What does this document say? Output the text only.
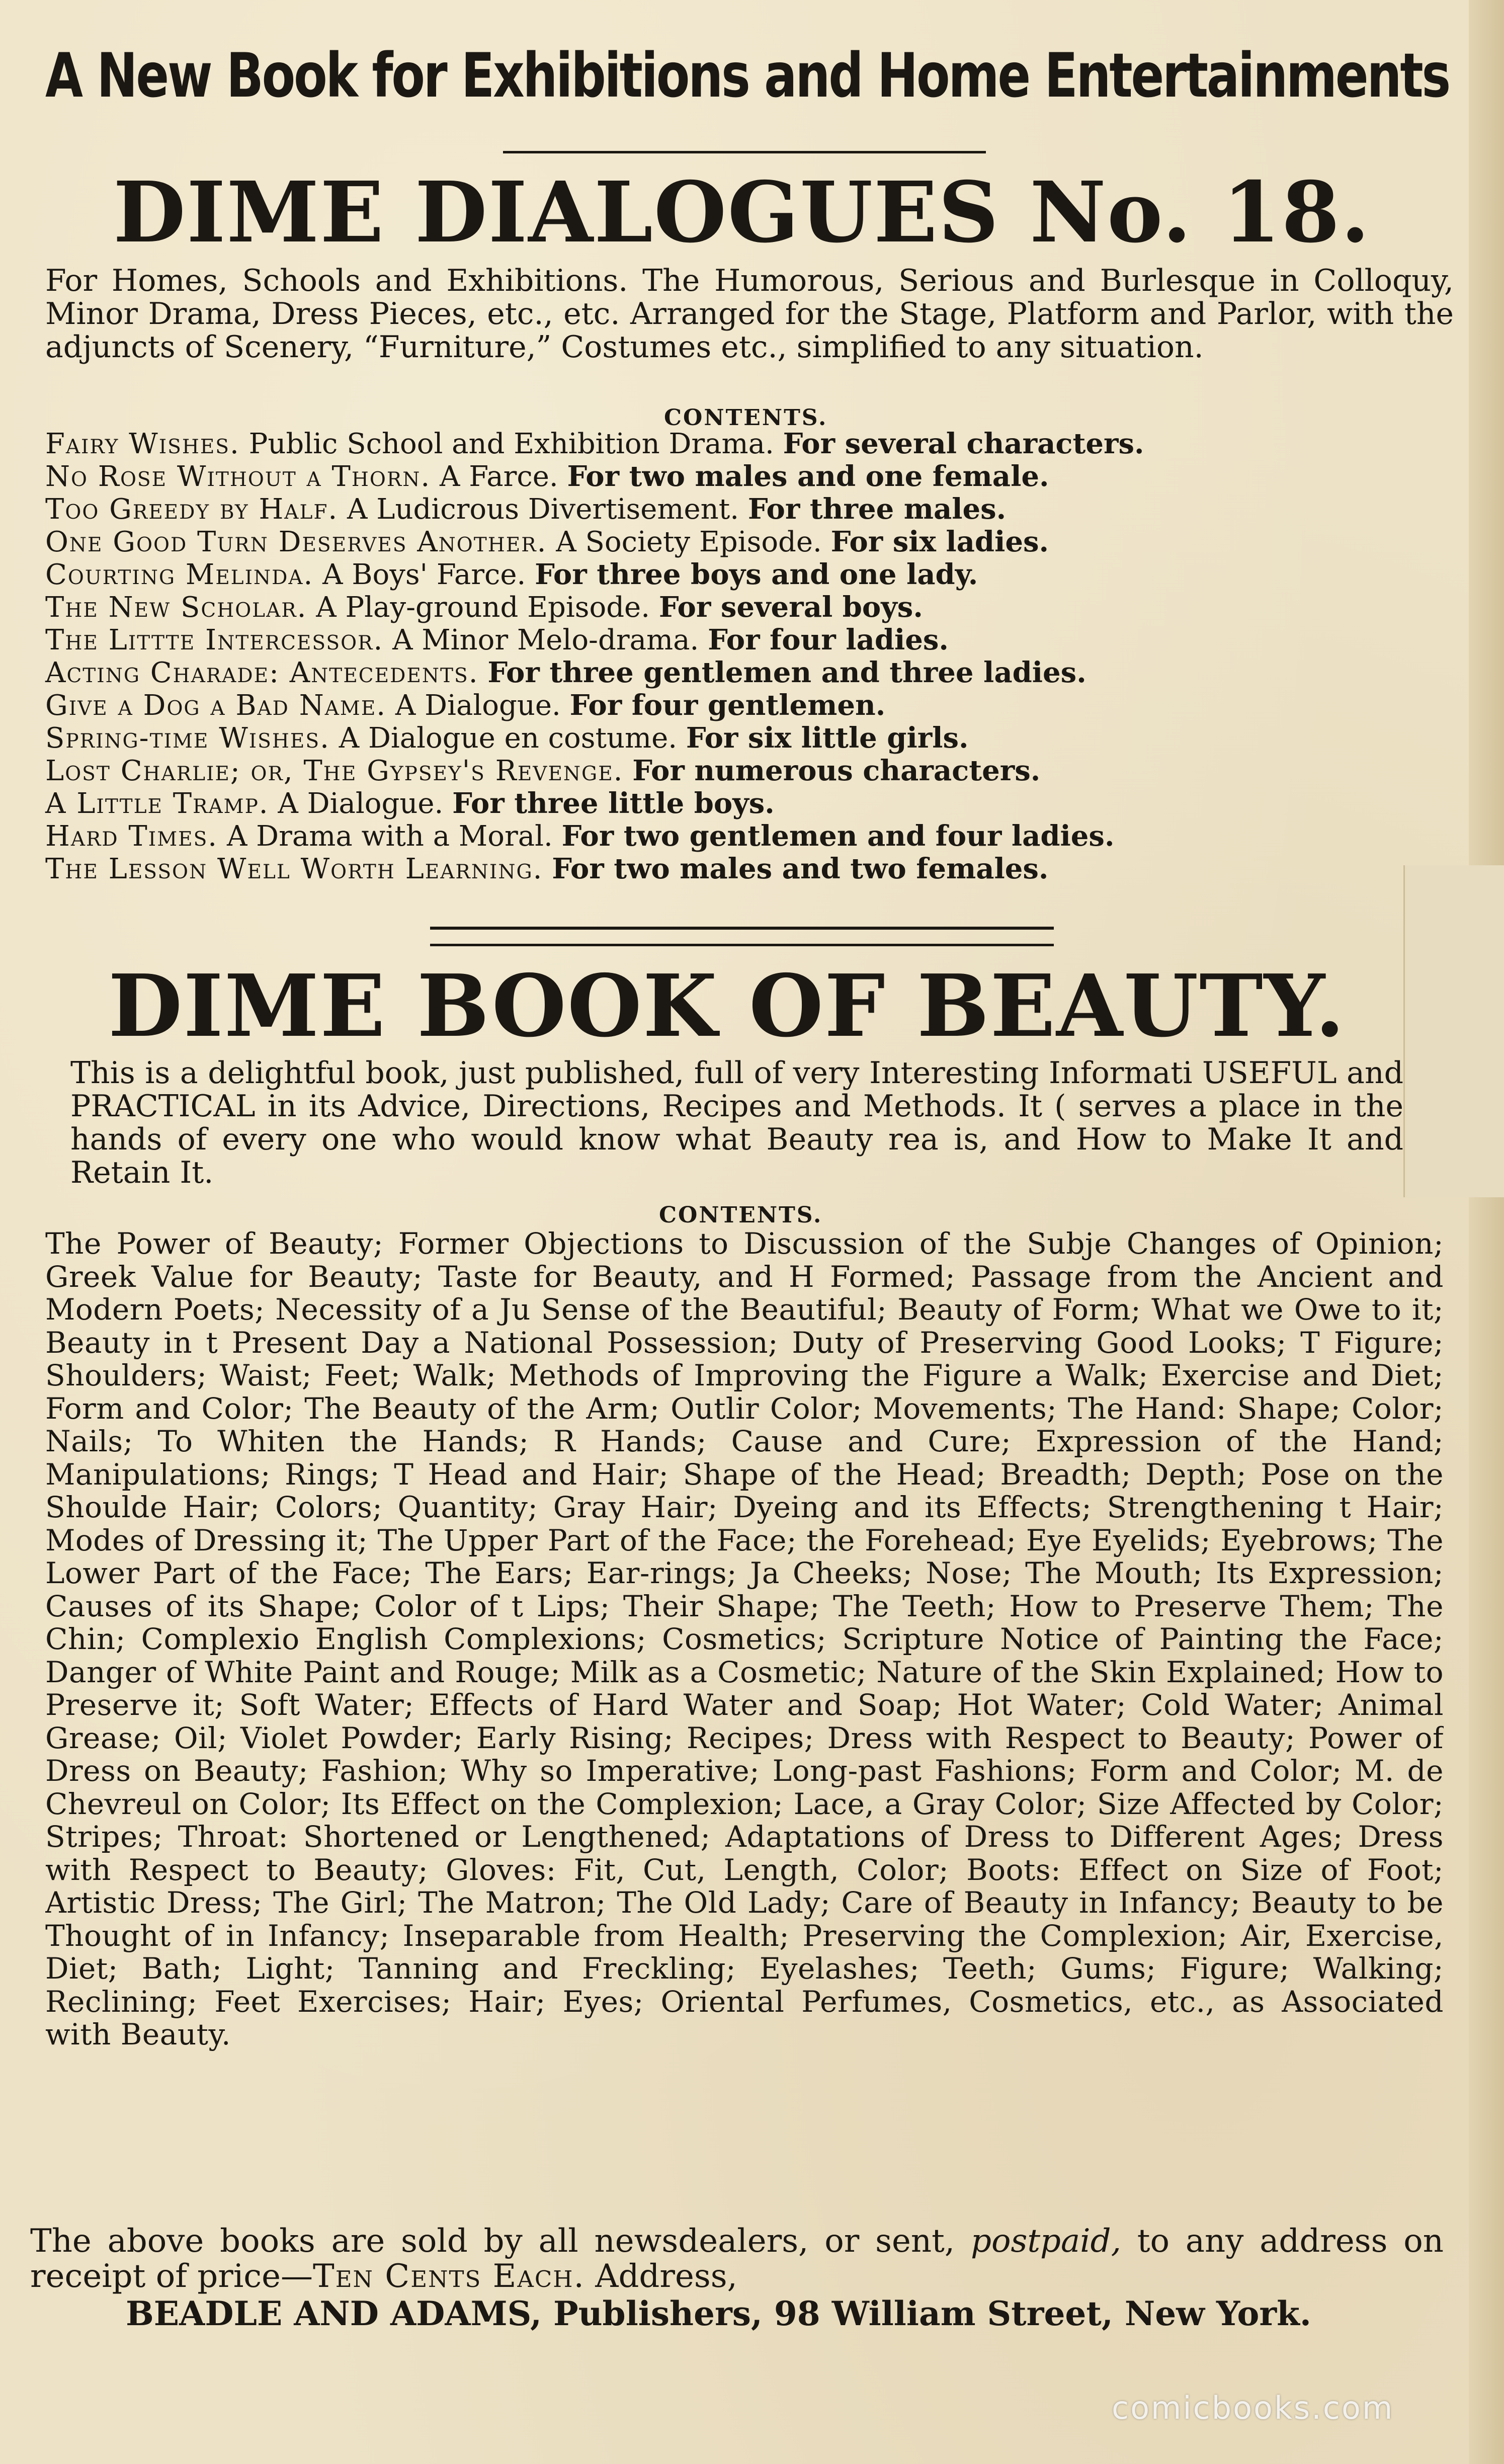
A New Book for Exhibitions and Home Entertainments
DIME DIALOGUES No. 18.
For Homes, Schools and Exhibitions. The Humorous, Serious and Burlesque in Colloquy, Minor Drama, Dress Pieces, etc., etc. Arranged for the Stage, Platform and Parlor, with the adjuncts of Scenery, “Furniture,” Costumes etc., simplified to any situation.
CONTENTS.
Fairy Wishes. Public School and Exhibition Drama. For several characters.
No Rose Without a Thorn. A Farce. For two males and one female.
Too Greedy by Half. A Ludicrous Divertisement. For three males.
One Good Turn Deserves Another. A Society Episode. For six ladies.
Courting Melinda. A Boys' Farce. For three boys and one lady.
The New Scholar. A Play-ground Episode. For several boys.
The Littte Intercessor. A Minor Melo-drama. For four ladies.
Acting Charade: Antecedents. For three gentlemen and three ladies.
Give a Dog a Bad Name. A Dialogue. For four gentlemen.
Spring-time Wishes. A Dialogue en costume. For six little girls.
Lost Charlie; or, The Gypsey's Revenge. For numerous characters.
A Little Tramp. A Dialogue. For three little boys.
Hard Times. A Drama with a Moral. For two gentlemen and four ladies.
The Lesson Well Worth Learning. For two males and two females.
DIME BOOK OF BEAUTY.
This is a delightful book, just published, full of very Interesting Informati USEFUL and PRACTICAL in its Advice, Directions, Recipes and Methods. It ( serves a place in the hands of every one who would know what Beauty rea is, and How to Make It and Retain It.
CONTENTS.
The Power of Beauty; Former Objections to Discussion of the Subje Changes of Opinion; Greek Value for Beauty; Taste for Beauty, and H Formed; Passage from the Ancient and Modern Poets; Necessity of a Ju Sense of the Beautiful; Beauty of Form; What we Owe to it; Beauty in t Present Day a National Possession; Duty of Preserving Good Looks; T Figure; Shoulders; Waist; Feet; Walk; Methods of Improving the Figure a Walk; Exercise and Diet; Form and Color; The Beauty of the Arm; Outlir Color; Movements; The Hand: Shape; Color; Nails; To Whiten the Hands; R Hands; Cause and Cure; Expression of the Hand; Manipulations; Rings; T Head and Hair; Shape of the Head; Breadth; Depth; Pose on the Shoulde Hair; Colors; Quantity; Gray Hair; Dyeing and its Effects; Strengthening t Hair; Modes of Dressing it; The Upper Part of the Face; the Forehead; Eye Eyelids; Eyebrows; The Lower Part of the Face; The Ears; Ear-rings; Ja Cheeks; Nose; The Mouth; Its Expression; Causes of its Shape; Color of t Lips; Their Shape; The Teeth; How to Preserve Them; The Chin; Complexio English Complexions; Cosmetics; Scripture Notice of Painting the Face; Danger of White Paint and Rouge; Milk as a Cosmetic; Nature of the Skin Explained; How to Preserve it; Soft Water; Effects of Hard Water and Soap; Hot Water; Cold Water; Animal Grease; Oil; Violet Powder; Early Rising; Recipes; Dress with Respect to Beauty; Power of Dress on Beauty; Fashion; Why so Imperative; Long-past Fashions; Form and Color; M. de Chevreul on Color; Its Effect on the Complexion; Lace, a Gray Color; Size Affected by Color; Stripes; Throat: Shortened or Lengthened; Adaptations of Dress to Different Ages; Dress with Respect to Beauty; Gloves: Fit, Cut, Length, Color; Boots: Effect on Size of Foot; Artistic Dress; The Girl; The Matron; The Old Lady; Care of Beauty in Infancy; Beauty to be Thought of in Infancy; Inseparable from Health; Preserving the Complexion; Air, Exercise, Diet; Bath; Light; Tanning and Freckling; Eyelashes; Teeth; Gums; Figure; Walking; Reclining; Feet Exercises; Hair; Eyes; Oriental Perfumes, Cosmetics, etc., as Associated with Beauty.
The above books are sold by all newsdealers, or sent, postpaid, to any address on receipt of price—Ten Cents Each. Address,
BEADLE AND ADAMS, Publishers, 98 William Street, New York.
comicbooks.com
